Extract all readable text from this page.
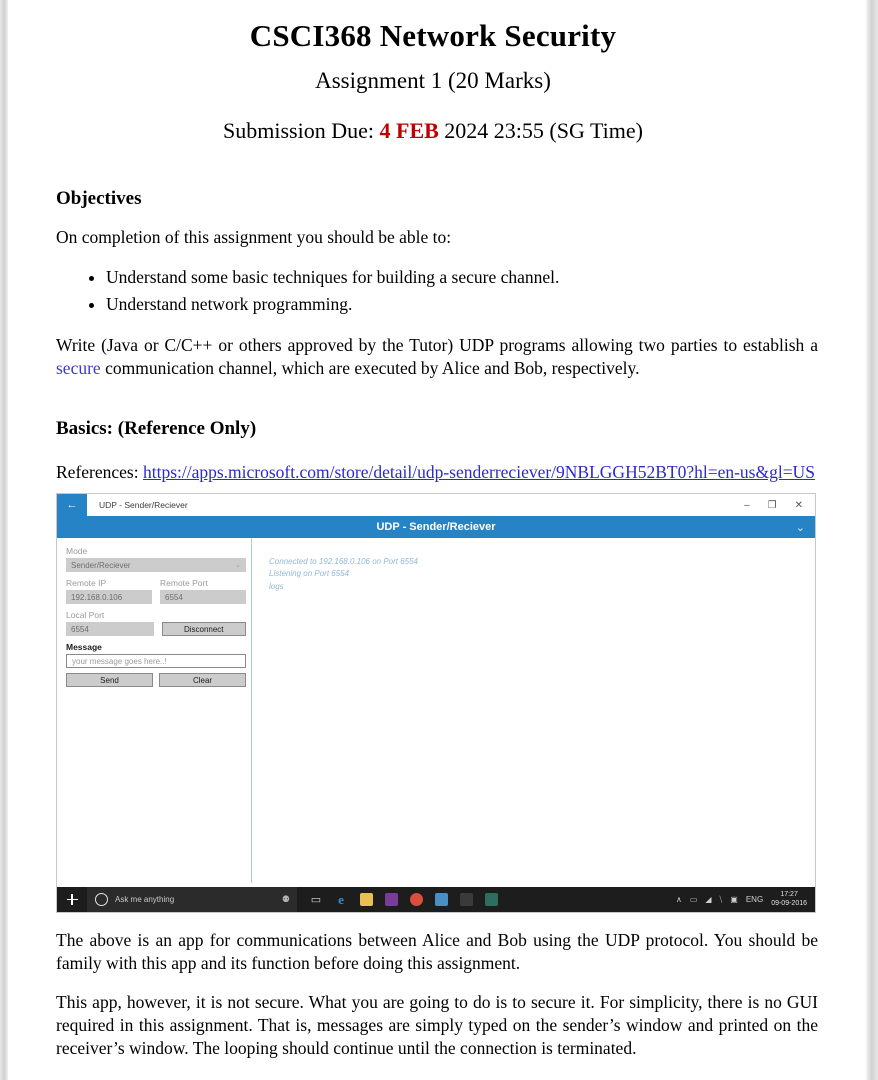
CSCI368 Network Security
Assignment 1 (20 Marks)
Submission Due: 4 FEB 2024 23:55 (SG Time)
Objectives

On completion of this assignment you should be able to:

• Understand some basic techniques for building a secure channel.
• Understand network programming.

Write (Java or C/C++ or others approved by the Tutor) UDP programs allowing two parties to establish a secure communication channel, which are executed by Alice and Bob, respectively.

Basics: (Reference Only)
References: https://apps.microsoft.com/store/detail/udp-senderreciever/9NBLGGH52BT0?hl=en-us&gl=US
←	UDP - Sender/Reciever	– ❐ ✕
UDP - Sender/Reciever	⌄
Mode
Sender/Reciever	⌄
Remote IP	Remote Port
192.168.0.106	6554
Local Port
6554	Disconnect
Message
your message goes here..!
Send	Clear
Connected to 192.168.0.106 on Port 6554
Listening on Port 6554
logs
Ask me anything	⚉	▭	e	∧ ▭ ◢ ⧹ ▣ ENG
17:27
09-09-2016

The above is an app for communications between Alice and Bob using the UDP protocol. You should be family with this app and its function before doing this assignment.

This app, however, it is not secure. What you are going to do is to secure it. For simplicity, there is no GUI required in this assignment. That is, messages are simply typed on the sender’s window and printed on the receiver’s window. The looping should continue until the connection is terminated.
